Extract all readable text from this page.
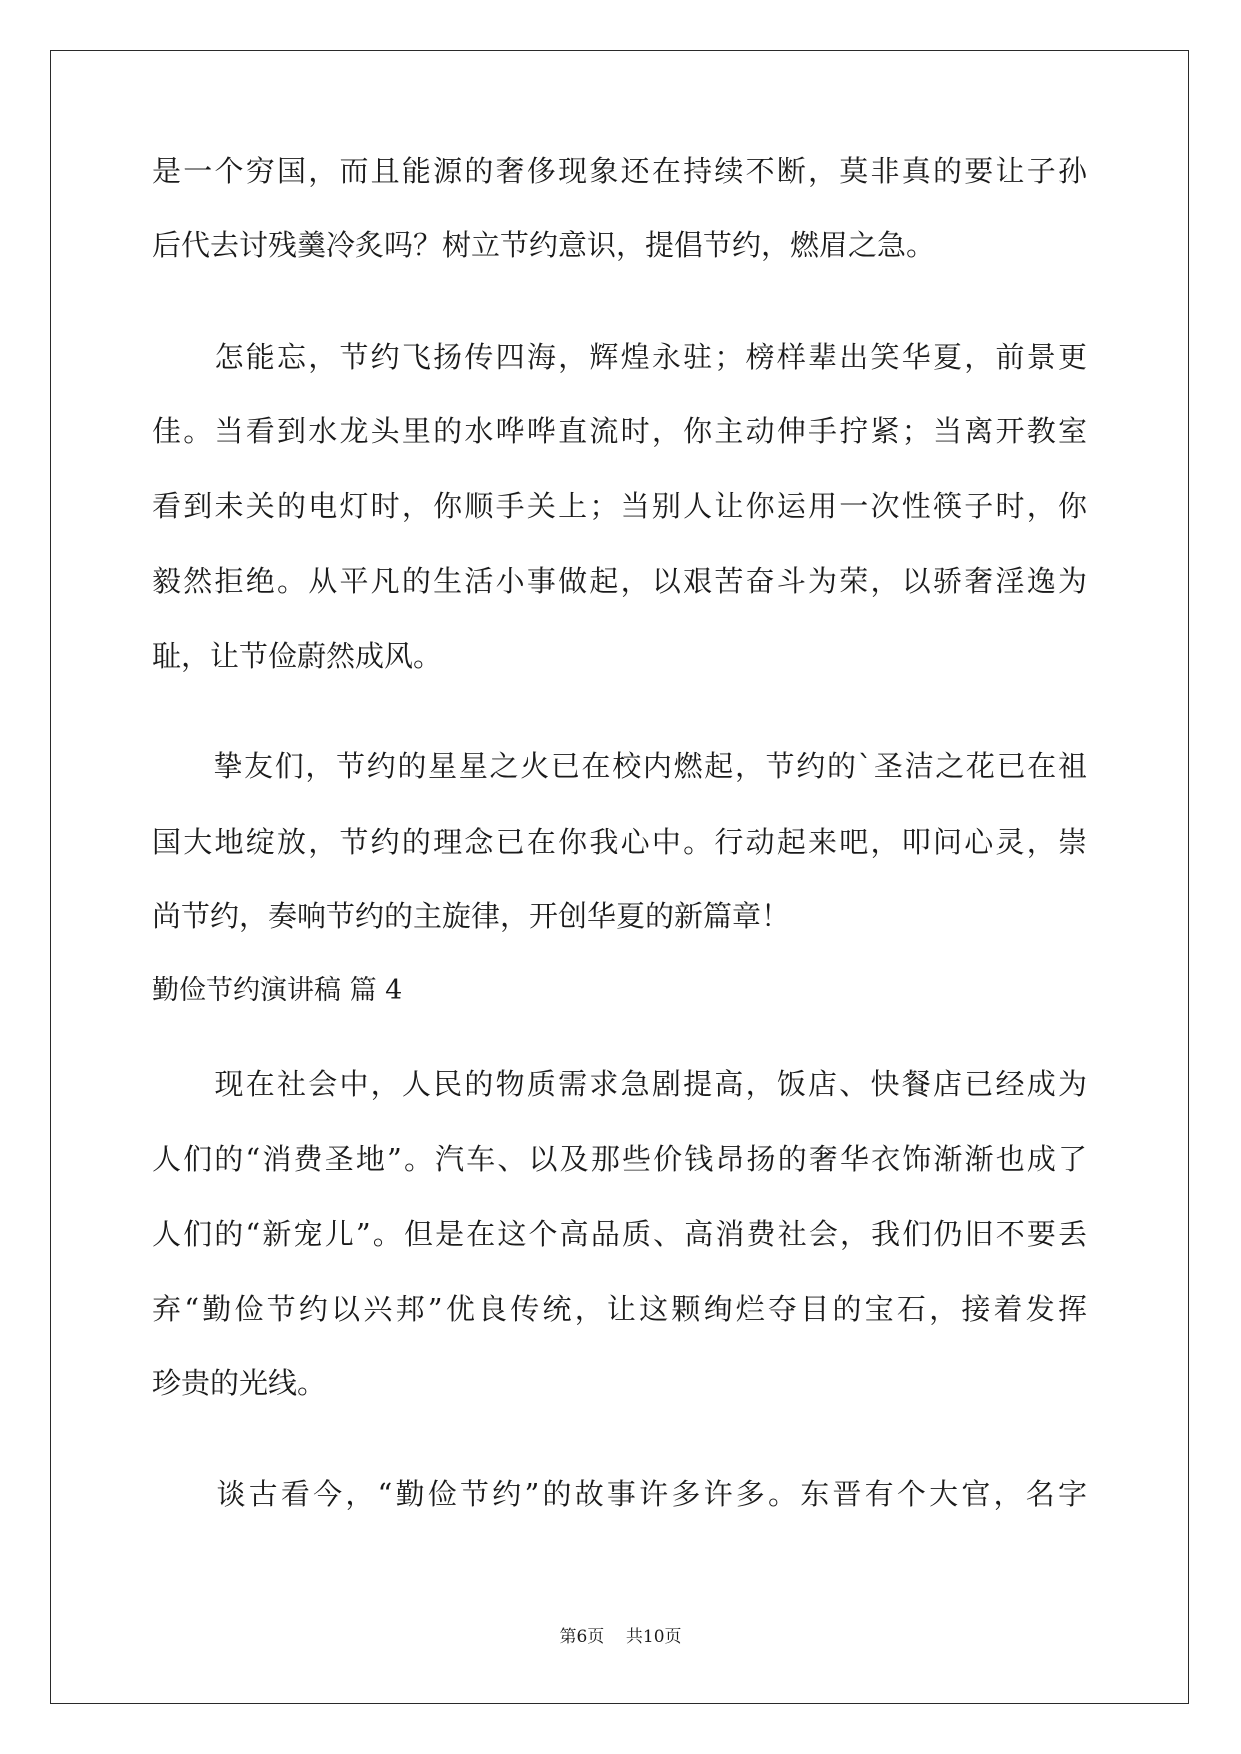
是一个穷国，而且能源的奢侈现象还在持续不断，莫非真的要让子孙
后代去讨残羹冷炙吗？树立节约意识，提倡节约，燃眉之急。
　　怎能忘，节约飞扬传四海，辉煌永驻；榜样辈出笑华夏，前景更
佳。当看到水龙头里的水哗哗直流时，你主动伸手拧紧；当离开教室
看到未关的电灯时，你顺手关上；当别人让你运用一次性筷子时，你
毅然拒绝。从平凡的生活小事做起，以艰苦奋斗为荣，以骄奢淫逸为
耻，让节俭蔚然成风。
　　挚友们，节约的星星之火已在校内燃起，节约的`圣洁之花已在祖
国大地绽放，节约的理念已在你我心中。行动起来吧，叩问心灵，崇
尚节约，奏响节约的主旋律，开创华夏的新篇章！
勤俭节约演讲稿 篇 4
　　现在社会中，人民的物质需求急剧提高，饭店、快餐店已经成为
人们的“消费圣地”。汽车、以及那些价钱昂扬的奢华衣饰渐渐也成了
人们的“新宠儿”。但是在这个高品质、高消费社会，我们仍旧不要丢
弃“勤俭节约以兴邦”优良传统，让这颗绚烂夺目的宝石，接着发挥
珍贵的光线。
　　谈古看今，“勤俭节约”的故事许多许多。东晋有个大官，名字
第6页 共10页
